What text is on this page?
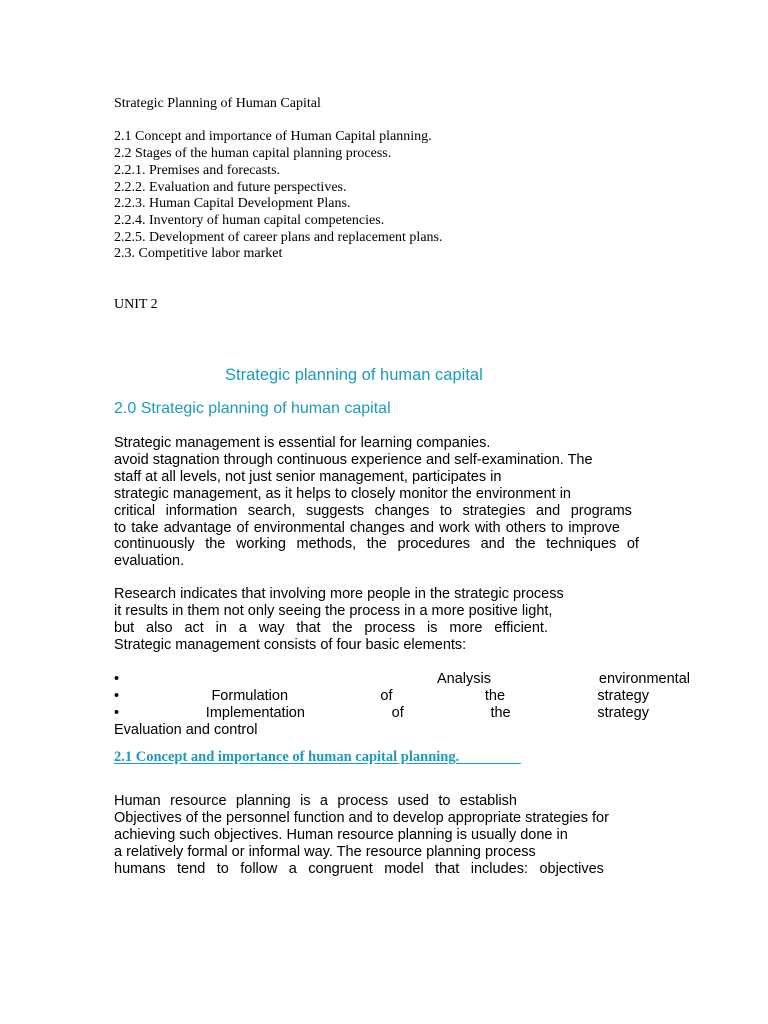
Strategic Planning of Human Capital
2.1 Concept and importance of Human Capital planning.
2.2 Stages of the human capital planning process.
2.2.1. Premises and forecasts.
2.2.2. Evaluation and future perspectives.
2.2.3. Human Capital Development Plans.
2.2.4. Inventory of human capital competencies.
2.2.5. Development of career plans and replacement plans.
2.3. Competitive labor market
UNIT 2
Strategic planning of human capital
2.0 Strategic planning of human capital
Strategic management is essential for learning companies.
avoid stagnation through continuous experience and self-examination. The
staff at all levels, not just senior management, participates in
strategic management, as it helps to closely monitor the environment in
critical information search, suggests changes to strategies and programs
to take advantage of environmental changes and work with others to improve
continuously the working methods, the procedures and the techniques of
evaluation.
Research indicates that involving more people in the strategic process
it results in them not only seeing the process in a more positive light,
but also act in a way that the process is more efficient.
Strategic management consists of four basic elements:
•	Analysis	environmental
•	Formulation	of	the	strategy
•	Implementation	of	the	strategy
Evaluation and control
2.1 Concept and importance of human capital planning.
Human resource planning is a process used to establish
Objectives of the personnel function and to develop appropriate strategies for
achieving such objectives. Human resource planning is usually done in
a relatively formal or informal way. The resource planning process
humans tend to follow a congruent model that includes: objectives
